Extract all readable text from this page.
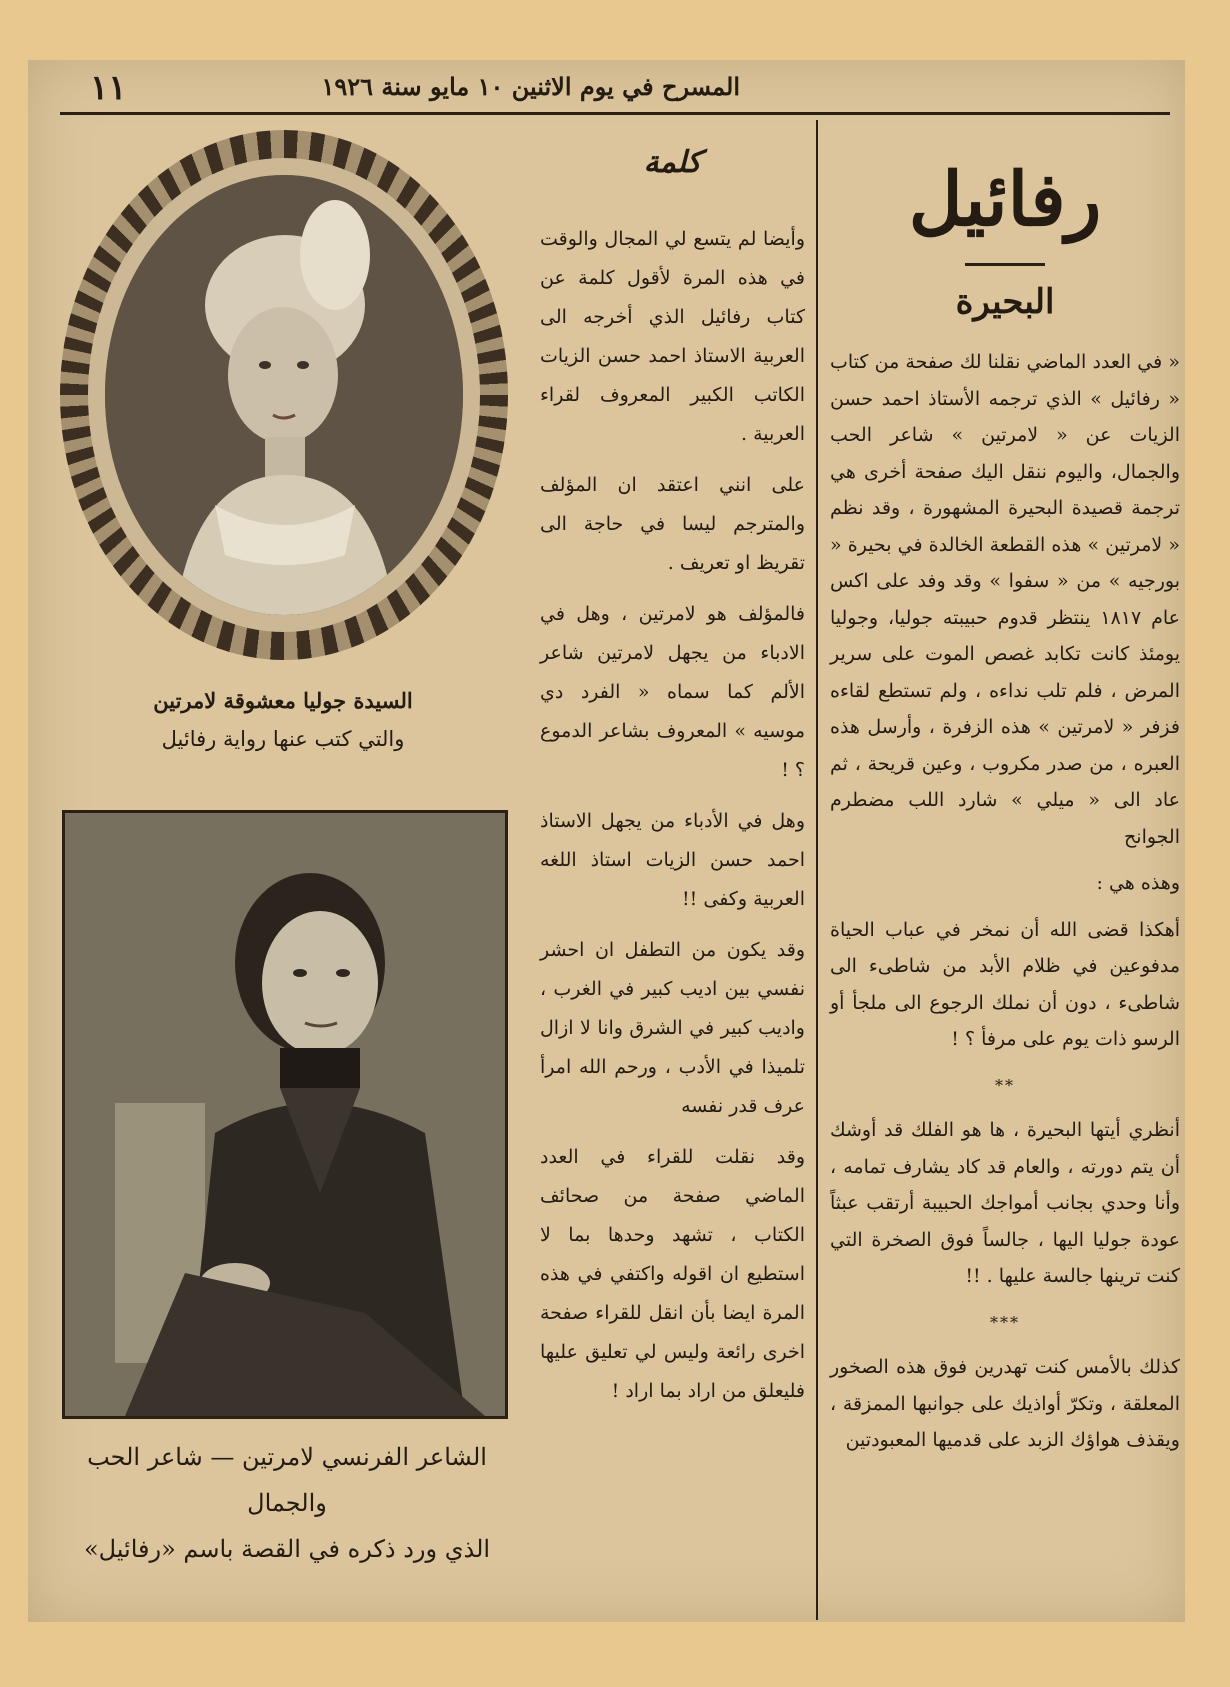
المسرح في يوم الاثنين ١٠ مايو سنة ١٩٢٦
١١
رفائيل
البحيرة

« في العدد الماضي نقلنا لك صفحة من كتاب « رفائيل » الذي ترجمه الأستاذ احمد حسن الزيات عن « لامرتين » شاعر الحب والجمال، واليوم ننقل اليك صفحة أخرى هي ترجمة قصيدة البحيرة المشهورة ، وقد نظم « لامرتين » هذه القطعة الخالدة في بحيرة « بورجيه » من « سفوا » وقد وفد على اكس عام ١٨١٧ ينتظر قدوم حبيبته جوليا، وجوليا يومئذ كانت تكابد غصص الموت على سرير المرض ، فلم تلب نداءه ، ولم تستطع لقاءه فزفر « لامرتين » هذه الزفرة ، وأرسل هذه العبره ، من صدر مكروب ، وعين قريحة ، ثم عاد الى « ميلي » شارد اللب مضطرم الجوانح

وهذه هي :

أهكذا قضى الله أن نمخر في عباب الحياة مدفوعين في ظلام الأبد من شاطىء الى شاطىء ، دون أن نملك الرجوع الى ملجأ أو الرسو ذات يوم على مرفأ ؟ !

*​*

أنظري أيتها البحيرة ، ها هو الفلك قد أوشك أن يتم دورته ، والعام قد كاد يشارف تمامه ، وأنا وحدي بجانب أمواجك الحبيبة أرتقب عبثاً عودة جوليا اليها ، جالساً فوق الصخرة التي كنت ترينها جالسة عليها . !!

***

كذلك بالأمس كنت تهدرين فوق هذه الصخور المعلقة ، وتكرّ أواذيك على جوانبها الممزقة ، ويقذف هواؤك الزبد على قدميها المعبودتين

كلمة

وأيضا لم يتسع لي المجال والوقت في هذه المرة لأقول كلمة عن كتاب رفائيل الذي أخرجه الى العربية الاستاذ احمد حسن الزيات الكاتب الكبير المعروف لقراء العربية .

على انني اعتقد ان المؤلف والمترجم ليسا في حاجة الى تقريظ او تعريف .

فالمؤلف هو لامرتين ، وهل في الادباء من يجهل لامرتين شاعر الألم كما سماه « الفرد دي موسيه » المعروف بشاعر الدموع ؟ !

وهل في الأدباء من يجهل الاستاذ احمد حسن الزيات استاذ اللغه العربية وكفى !!

وقد يكون من التطفل ان احشر نفسي بين اديب كبير في الغرب ، واديب كبير في الشرق وانا لا ازال تلميذا في الأدب ، ورحم الله امرأ عرف قدر نفسه

وقد نقلت للقراء في العدد الماضي صفحة من صحائف الكتاب ، تشهد وحدها بما لا استطيع ان اقوله واكتفي في هذه المرة ايضا بأن انقل للقراء صفحة اخرى رائعة وليس لي تعليق عليها فليعلق من اراد بما اراد !

السيدة جوليا معشوقة لامرتين
والتي كتب عنها رواية رفائيل
الشاعر الفرنسي لامرتين — شاعر الحب والجمال
الذي ورد ذكره في القصة باسم «رفائيل»
